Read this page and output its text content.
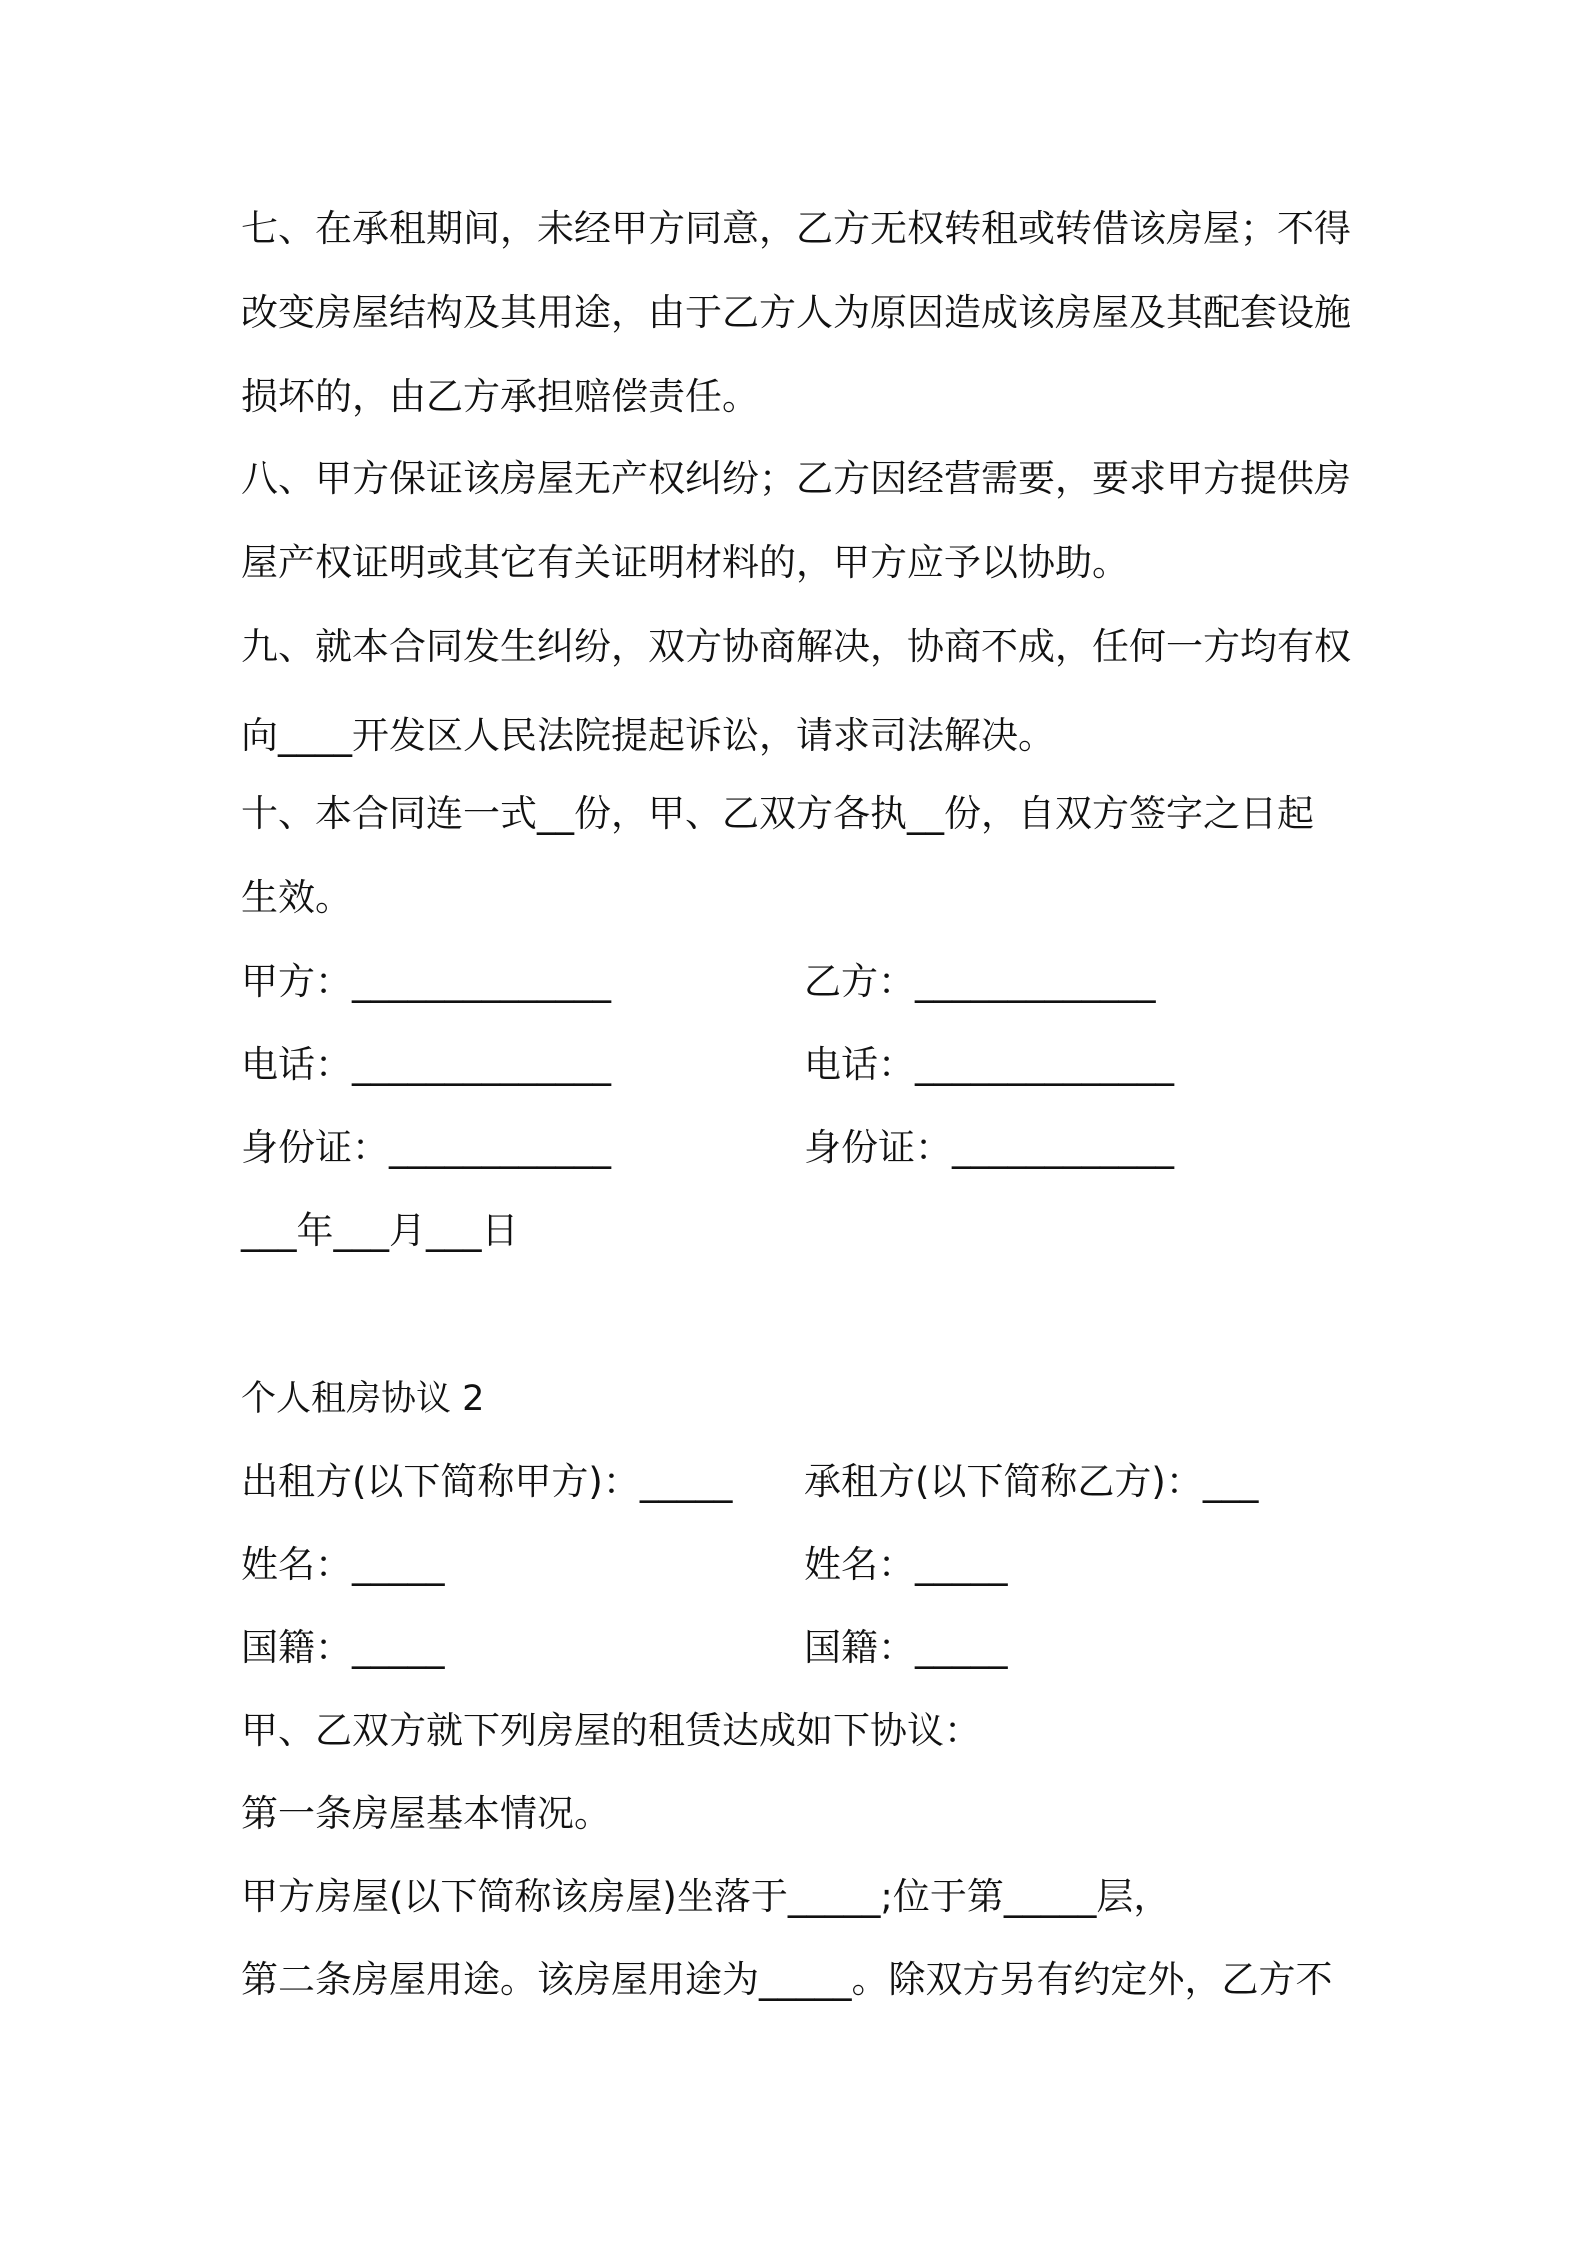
七、在承租期间，未经甲方同意，乙方无权转租或转借该房屋；不得
改变房屋结构及其用途，由于乙方人为原因造成该房屋及其配套设施
损坏的，由乙方承担赔偿责任。
八、甲方保证该房屋无产权纠纷；乙方因经营需要，要求甲方提供房
屋产权证明或其它有关证明材料的，甲方应予以协助。
九、就本合同发生纠纷，双方协商解决，协商不成，任何一方均有权
向____开发区人民法院提起诉讼，请求司法解决。
十、本合同连一式__份，甲、乙双方各执__份，自双方签字之日起
生效。
甲方：______________	乙方：_____________
电话：______________	电话：______________
身份证：____________	身份证：____________
___年___月___日
个人租房协议 2
出租方(以下简称甲方)：_____ 承租方(以下简称乙方)：___
姓名：_____	姓名：_____
国籍：_____	国籍：_____
甲、乙双方就下列房屋的租赁达成如下协议：
第一条房屋基本情况。
甲方房屋(以下简称该房屋)坐落于_____;位于第_____层，
第二条房屋用途。该房屋用途为_____。除双方另有约定外，乙方不
